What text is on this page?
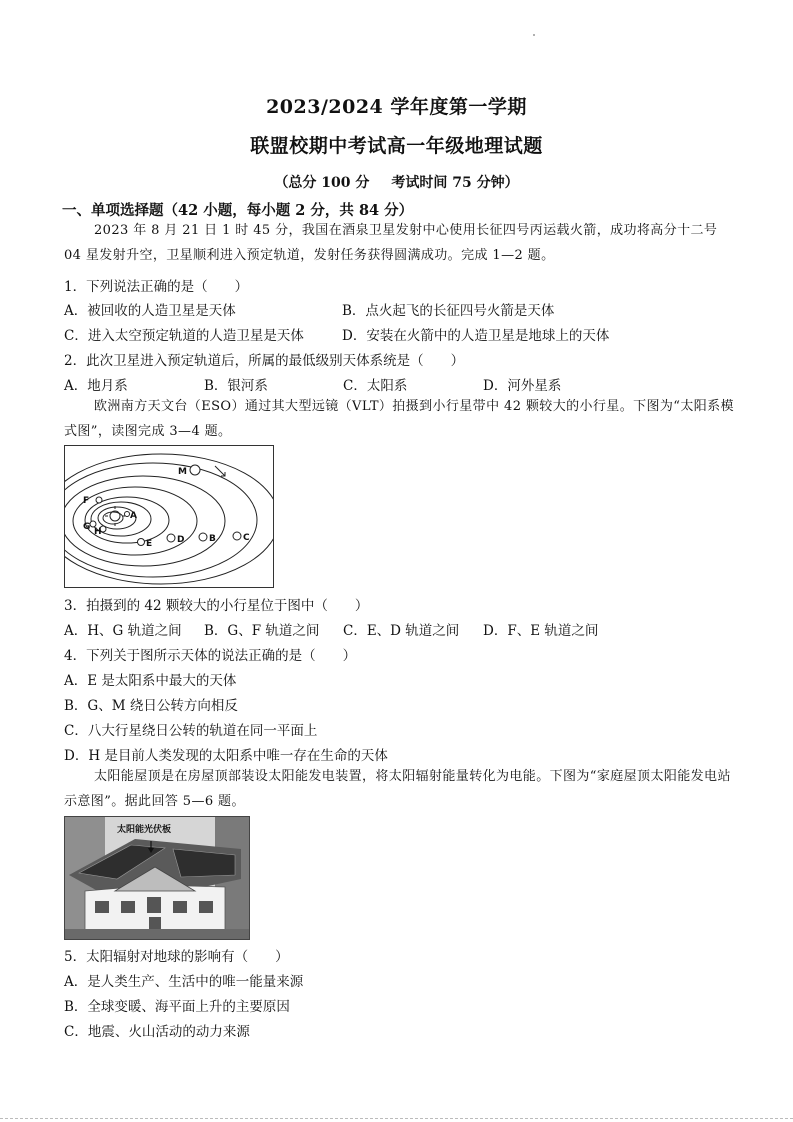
2023/2024 学年度第一学期
联盟校期中考试高一年级地理试题
（总分 100 分 考试时间 75 分钟）
一、单项选择题（42 小题，每小题 2 分，共 84 分）
2023 年 8 月 21 日 1 时 45 分，我国在酒泉卫星发射中心使用长征四号丙运载火箭，成功将高分十二号 04 星发射升空，卫星顺利进入预定轨道，发射任务获得圆满成功。完成 1—2 题。
1．下列说法正确的是（　　）
A．被回收的人造卫星是天体	B．点火起飞的长征四号火箭是天体
C．进入太空预定轨道的人造卫星是天体	D．安装在火箭中的人造卫星是地球上的天体
2．此次卫星进入预定轨道后，所属的最低级别天体系统是（　　）
A．地月系	B．银河系	C．太阳系	D．河外星系
欧洲南方天文台（ESO）通过其大型远镜（VLT）拍摄到小行星带中 42 颗较大的小行星。下图为“太阳系模式图”，读图完成 3—4 题。
M
F
A
G H
E	D	B	C
3．拍摄到的 42 颗较大的小行星位于图中（　　）
A．H、G 轨道之间 B．G、F 轨道之间 C．E、D 轨道之间 D．F、E 轨道之间
4．下列关于图所示天体的说法正确的是（　　）
A．E 是太阳系中最大的天体
B．G、M 绕日公转方向相反
C．八大行星绕日公转的轨道在同一平面上
D．H 是目前人类发现的太阳系中唯一存在生命的天体
太阳能屋顶是在房屋顶部装设太阳能发电装置，将太阳辐射能量转化为电能。下图为“家庭屋顶太阳能发电站示意图”。据此回答 5—6 题。
太阳能光伏板
5．太阳辐射对地球的影响有（　　）
A．是人类生产、生活中的唯一能量来源
B．全球变暖、海平面上升的主要原因
C．地震、火山活动的动力来源
